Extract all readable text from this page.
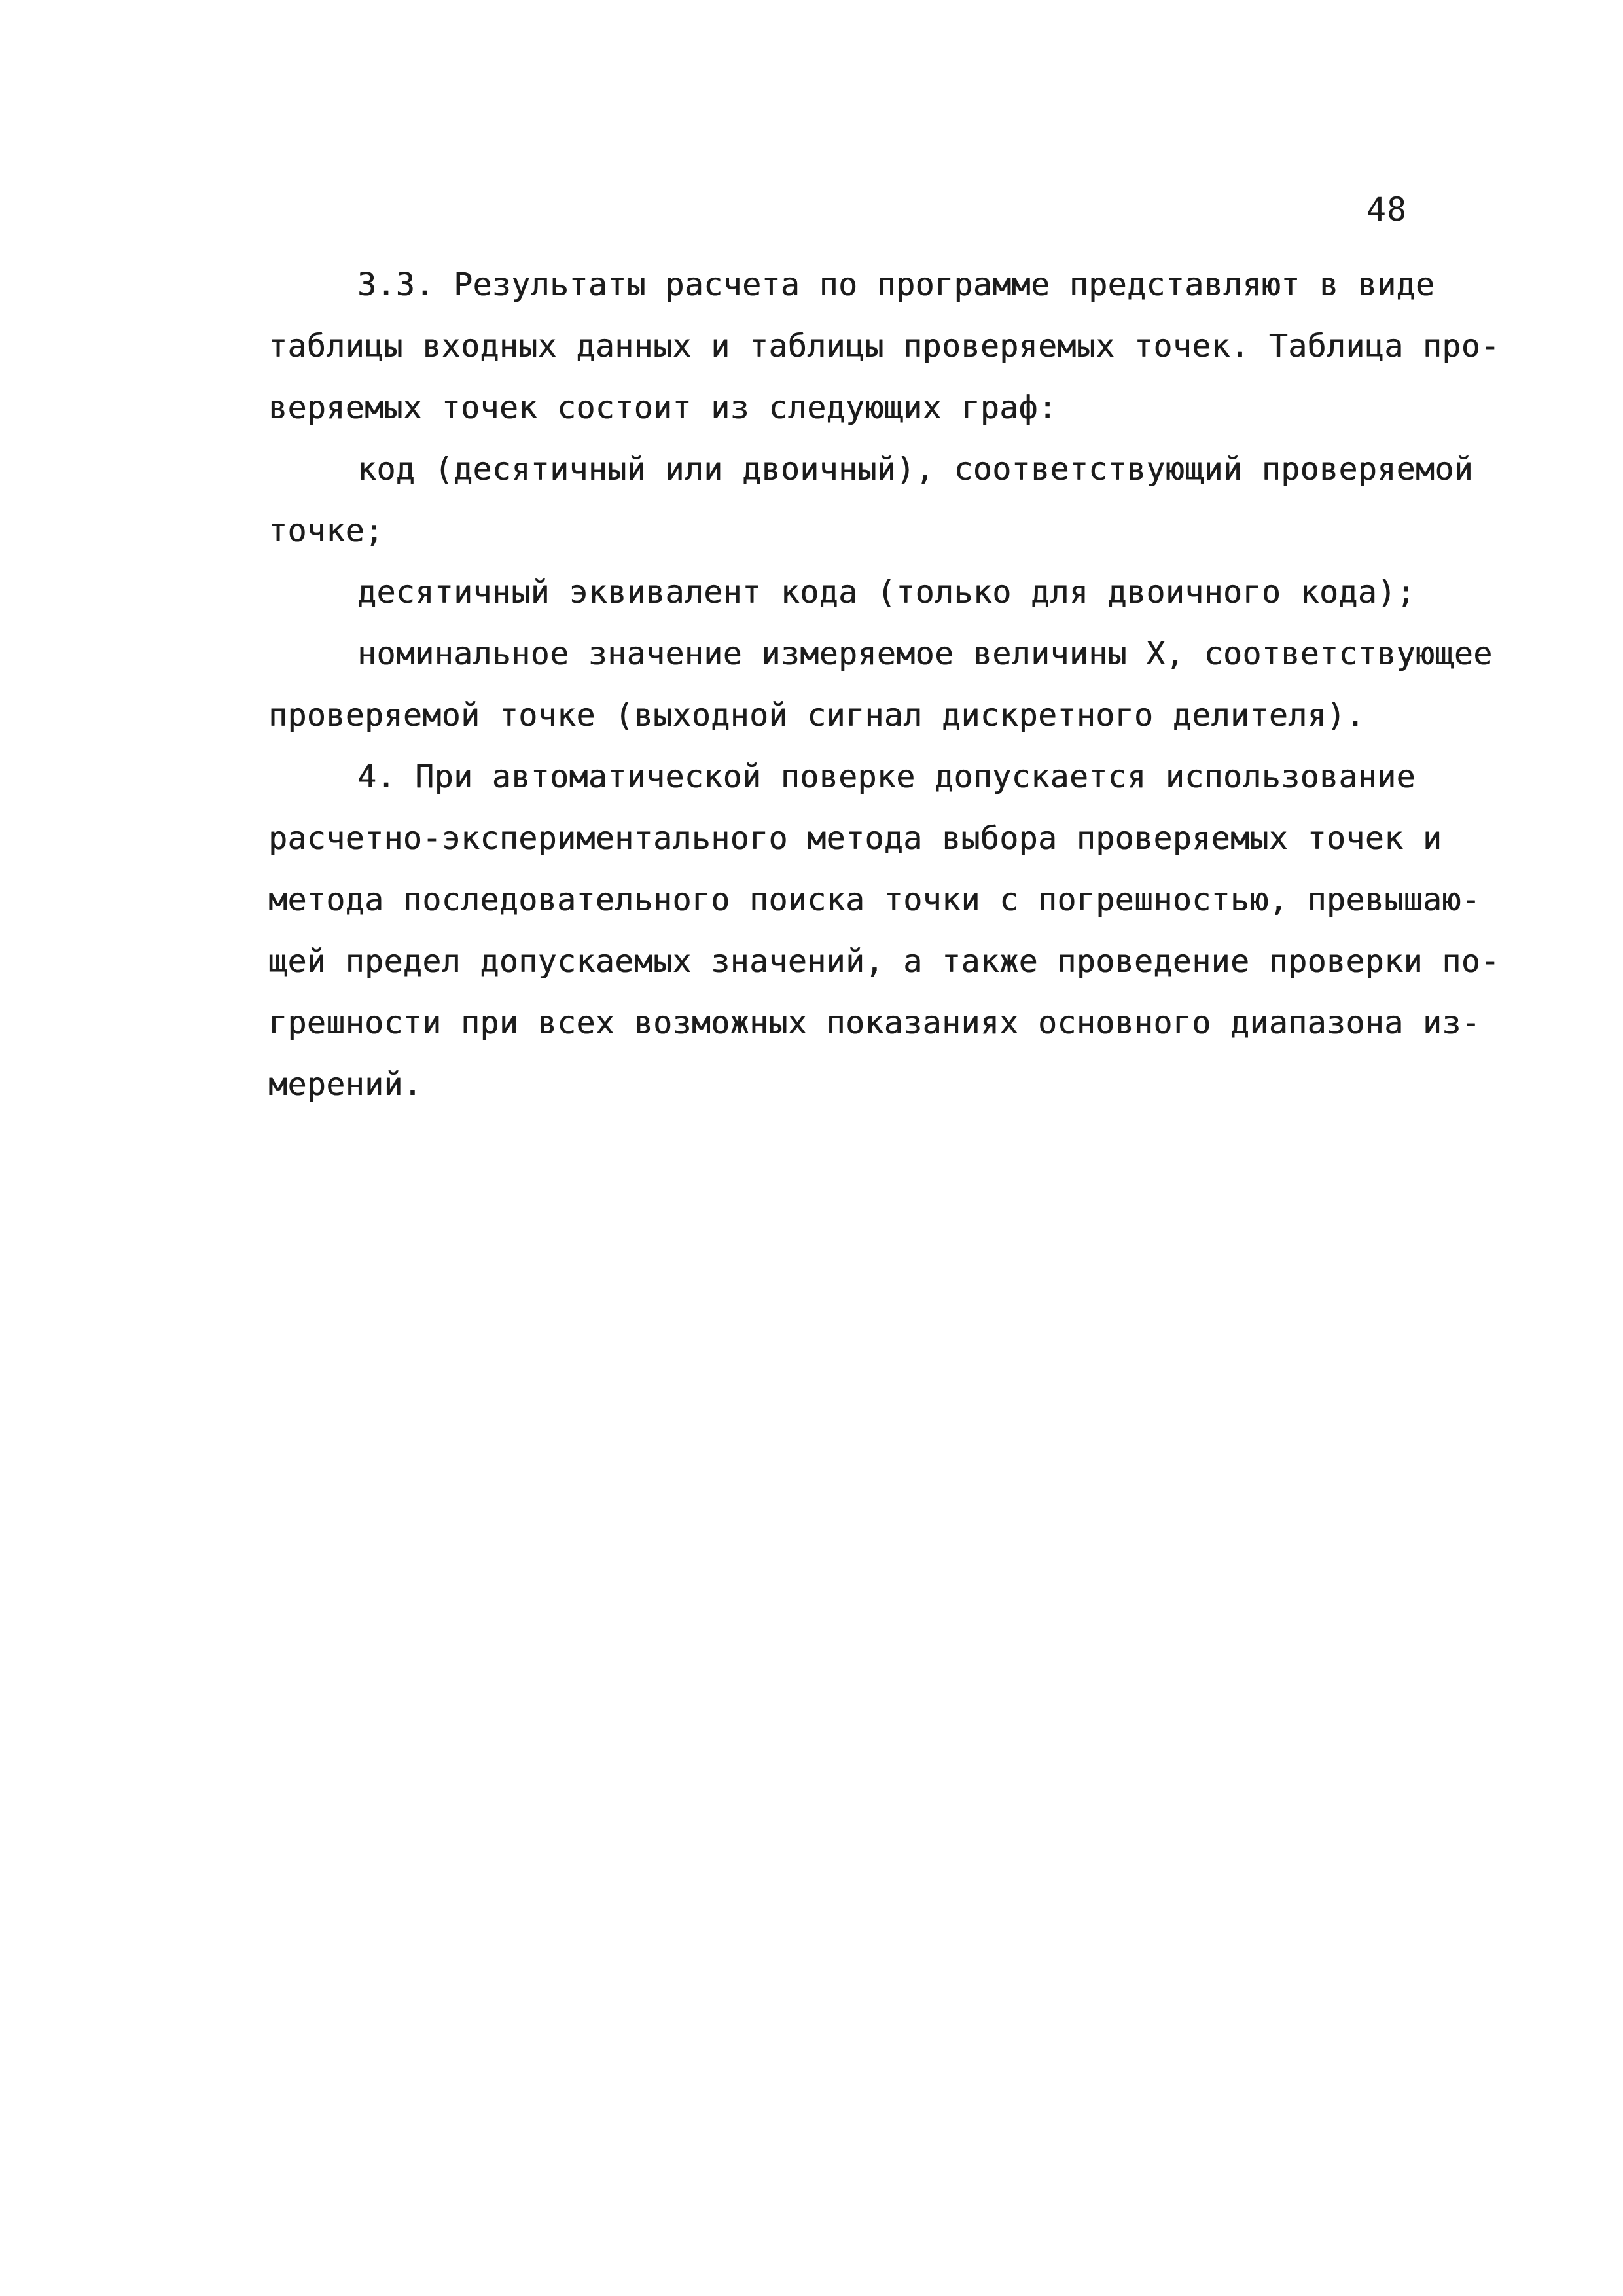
48
3.3. Результаты расчета по программе представляют в виде
таблицы входных данных и таблицы проверяемых точек. Таблица про-
веряемых точек состоит из следующих граф:
код (десятичный или двоичный), соответствующий проверяемой
точке;
десятичный эквивалент кода (только для двоичного кода);
номинальное значение измеряемое величины X, соответствующее
проверяемой точке (выходной сигнал дискретного делителя).
4. При автоматической поверке допускается использование
расчетно-экспериментального метода выбора проверяемых точек и
метода последовательного поиска точки с погрешностью, превышаю-
щей предел допускаемых значений, а также проведение проверки по-
грешности при всех возможных показаниях основного диапазона из-
мерений.
